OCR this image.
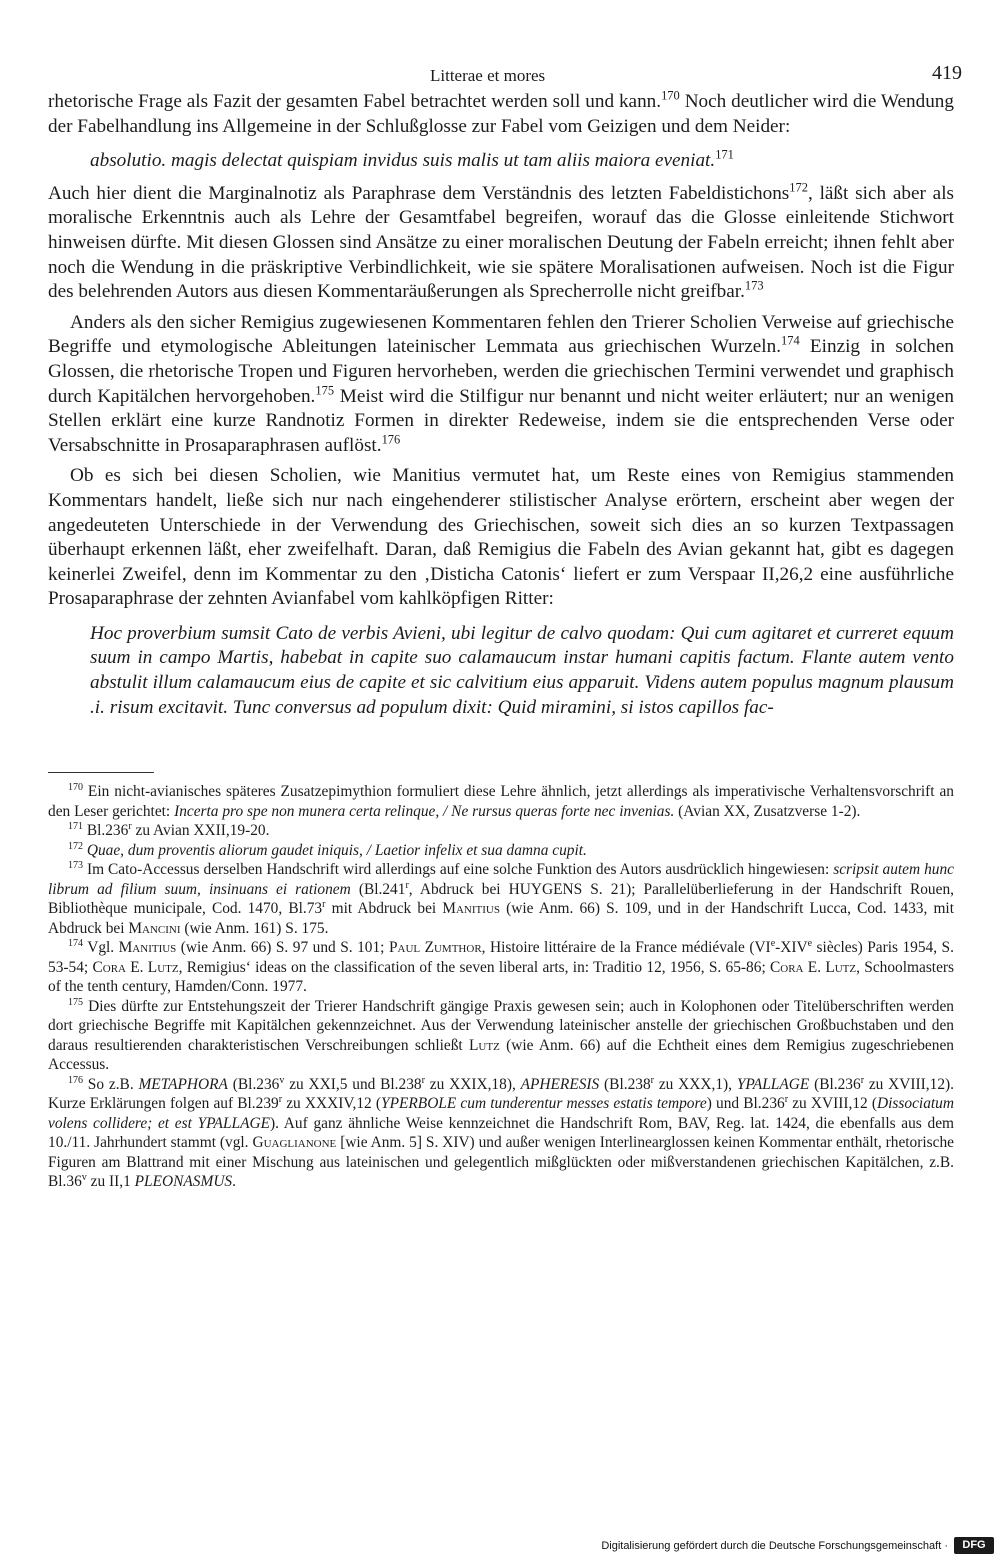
Litterae et mores	419

rhetorische Frage als Fazit der gesamten Fabel betrachtet werden soll und kann.$^{170}$ Noch deutlicher wird die Wendung der Fabelhandlung ins Allgemeine in der Schlußglosse zur Fabel vom Geizigen und dem Neider:

absolutio. magis delectat quispiam invidus suis malis ut tam aliis maiora eveniat.$^{171}$

Auch hier dient die Marginalnotiz als Paraphrase dem Verständnis des letzten Fabeldistichons$^{172}$, läßt sich aber als moralische Erkenntnis auch als Lehre der Gesamtfabel begreifen, worauf das die Glosse einleitende Stichwort hinweisen dürfte. Mit diesen Glossen sind Ansätze zu einer moralischen Deutung der Fabeln erreicht; ihnen fehlt aber noch die Wendung in die präskriptive Verbindlichkeit, wie sie spätere Moralisationen aufweisen. Noch ist die Figur des belehrenden Autors aus diesen Kommentaräußerungen als Sprecherrolle nicht greifbar.$^{173}$

Anders als den sicher Remigius zugewiesenen Kommentaren fehlen den Trierer Scholien Verweise auf griechische Begriffe und etymologische Ableitungen lateinischer Lemmata aus griechischen Wurzeln.$^{174}$ Einzig in solchen Glossen, die rhetorische Tropen und Figuren hervorheben, werden die griechischen Termini verwendet und graphisch durch Kapitälchen hervorgehoben.$^{175}$ Meist wird die Stilfigur nur benannt und nicht weiter erläutert; nur an wenigen Stellen erklärt eine kurze Randnotiz Formen in direkter Redeweise, indem sie die entsprechenden Verse oder Versabschnitte in Prosaparaphrasen auflöst.$^{176}$

Ob es sich bei diesen Scholien, wie Manitius vermutet hat, um Reste eines von Remigius stammenden Kommentars handelt, ließe sich nur nach eingehenderer stilistischer Analyse erörtern, erscheint aber wegen der angedeuteten Unterschiede in der Verwendung des Griechischen, soweit sich dies an so kurzen Textpassagen überhaupt erkennen läßt, eher zweifelhaft. Daran, daß Remigius die Fabeln des Avian gekannt hat, gibt es dagegen keinerlei Zweifel, denn im Kommentar zu den ‚Disticha Catonis‘ liefert er zum Verspaar II,26,2 eine ausführliche Prosaparaphrase der zehnten Avianfabel vom kahlköpfigen Ritter:

Hoc proverbium sumsit Cato de verbis Avieni, ubi legitur de calvo quodam: Qui cum agitaret et curreret equum suum in campo Martis, habebat in capite suo calamaucum instar humani capitis factum. Flante autem vento abstulit illum calamaucum eius de capite et sic calvitium eius apparuit. Videns autem populus magnum plausum .i. risum excitavit. Tunc conversus ad populum dixit: Quid miramini, si istos capillos fac-

$^{170}$ Ein nicht-avianisches späteres Zusatzepimythion formuliert diese Lehre ähnlich, jetzt allerdings als imperativische Verhaltensvorschrift an den Leser gerichtet: Incerta pro spe non munera certa relinque, / Ne rursus queras forte nec invenias. (Avian XX, Zusatzverse 1-2).

$^{171}$ Bl.236$^r$ zu Avian XXII,19-20.

$^{172}$ Quae, dum proventis aliorum gaudet iniquis, / Laetior infelix et sua damna cupit.

$^{173}$ Im Cato-Accessus derselben Handschrift wird allerdings auf eine solche Funktion des Autors ausdrücklich hingewiesen: scripsit autem hunc librum ad filium suum, insinuans ei rationem (Bl.241$^r$, Abdruck bei HUYGENS S. 21); Parallelüberlieferung in der Handschrift Rouen, Bibliothèque municipale, Cod. 1470, Bl.73$^r$ mit Abdruck bei Manitius (wie Anm. 66) S. 109, und in der Handschrift Lucca, Cod. 1433, mit Abdruck bei Mancini (wie Anm. 161) S. 175.

$^{174}$ Vgl. Manitius (wie Anm. 66) S. 97 und S. 101; Paul Zumthor, Histoire littéraire de la France médiévale (VIe-XIVe siècles) Paris 1954, S. 53-54; Cora E. Lutz, Remigius‘ ideas on the classification of the seven liberal arts, in: Traditio 12, 1956, S. 65-86; Cora E. Lutz, Schoolmasters of the tenth century, Hamden/Conn. 1977.

$^{175}$ Dies dürfte zur Entstehungszeit der Trierer Handschrift gängige Praxis gewesen sein; auch in Kolophonen oder Titelüberschriften werden dort griechische Begriffe mit Kapitälchen gekennzeichnet. Aus der Verwendung lateinischer anstelle der griechischen Großbuchstaben und den daraus resultierenden charakteristischen Verschreibungen schließt Lutz (wie Anm. 66) auf die Echtheit eines dem Remigius zugeschriebenen Accessus.

$^{176}$ So z.B. METAPHORA (Bl.236$^v$ zu XXI,5 und Bl.238$^r$ zu XXIX,18), APHERESIS (Bl.238$^r$ zu XXX,1), YPALLAGE (Bl.236$^r$ zu XVIII,12). Kurze Erklärungen folgen auf Bl.239$^r$ zu XXXIV,12 (YPERBOLE cum tunderentur messes estatis tempore) und Bl.236$^r$ zu XVIII,12 (Dissociatum volens collidere; et est YPALLAGE). Auf ganz ähnliche Weise kennzeichnet die Handschrift Rom, BAV, Reg. lat. 1424, die ebenfalls aus dem 10./11. Jahrhundert stammt (vgl. Guaglianone [wie Anm. 5] S. XIV) und außer wenigen Interlinearglossen keinen Kommentar enthält, rhetorische Figuren am Blattrand mit einer Mischung aus lateinischen und gelegentlich mißglückten oder mißverstandenen griechischen Kapitälchen, z.B. Bl.36$^v$ zu II,1 PLEONASMUS.

Digitalisierung gefördert durch die Deutsche Forschungsgemeinschaft ·	DFG
